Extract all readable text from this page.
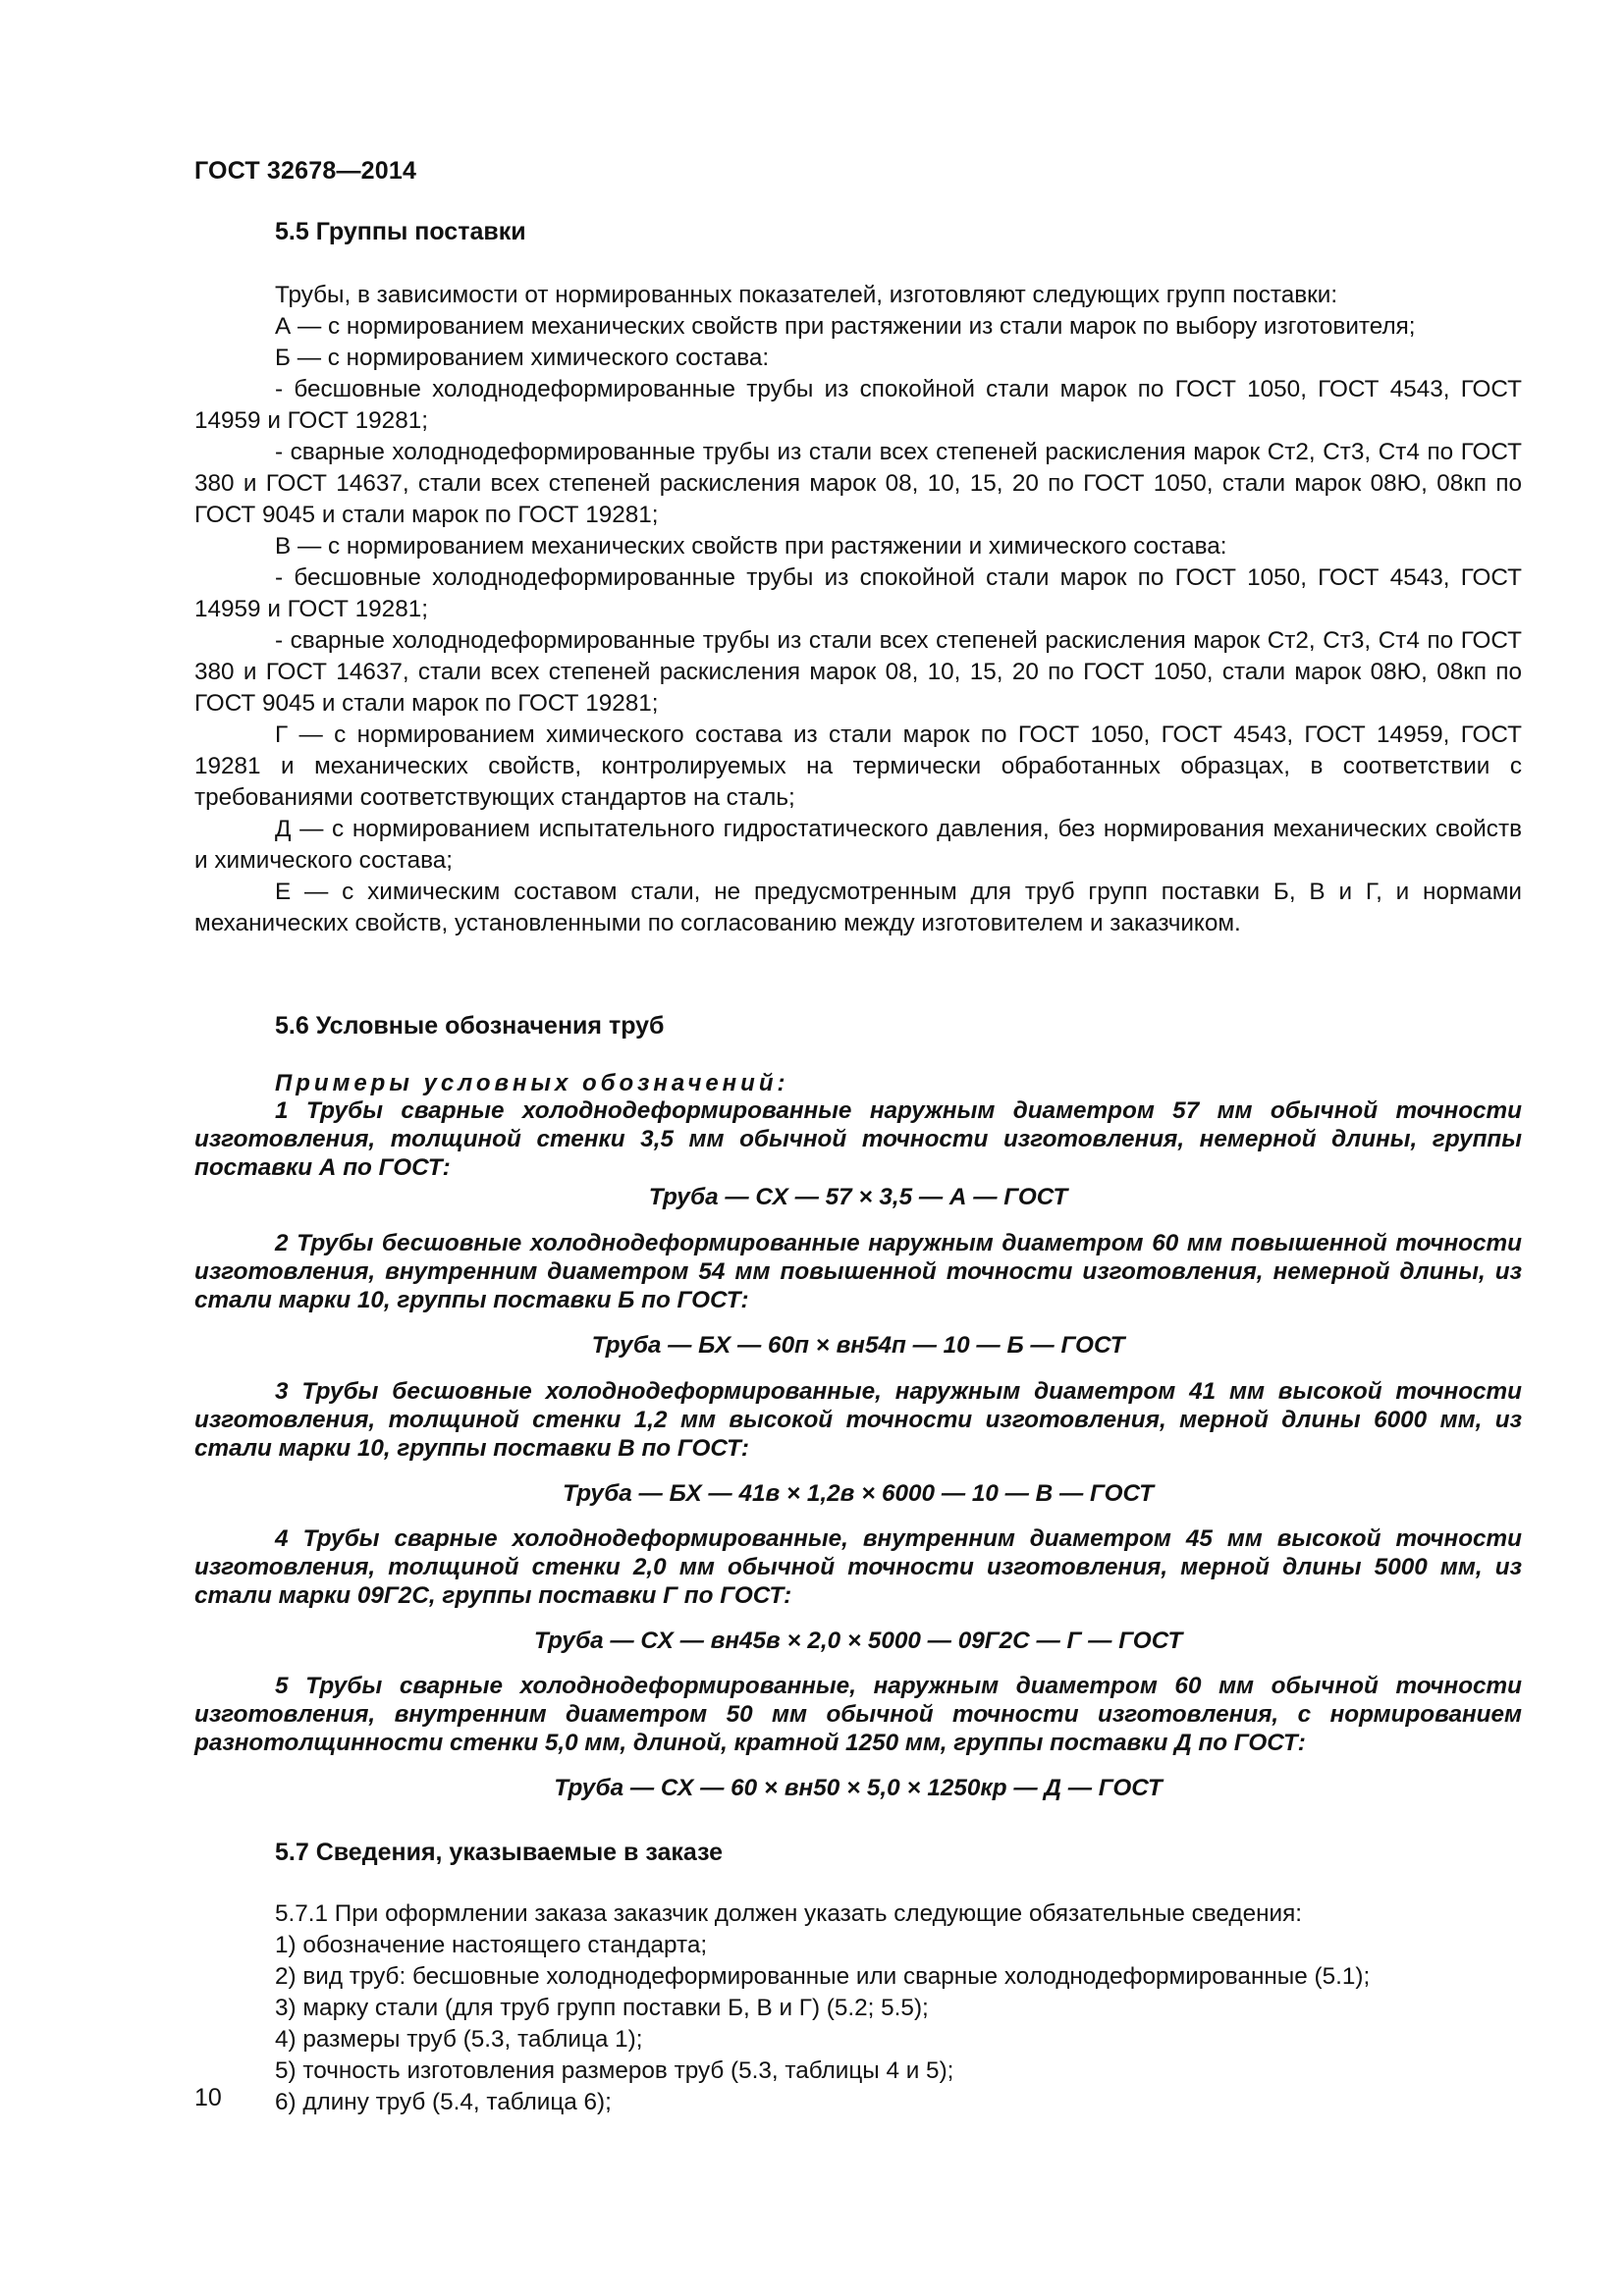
ГОСТ 32678—2014
5.5 Группы поставки

Трубы, в зависимости от нормированных показателей, изготовляют следующих групп поставки:

А — с нормированием механических свойств при растяжении из стали марок по выбору изготовителя;

Б — с нормированием химического состава:

- бесшовные холоднодеформированные трубы из спокойной стали марок по ГОСТ 1050, ГОСТ 4543, ГОСТ 14959 и ГОСТ 19281;

- сварные холоднодеформированные трубы из стали всех степеней раскисления марок Ст2, Ст3, Ст4 по ГОСТ 380 и ГОСТ 14637, стали всех степеней раскисления марок 08, 10, 15, 20 по ГОСТ 1050, стали марок 08Ю, 08кп по ГОСТ 9045 и стали марок по ГОСТ 19281;

В — с нормированием механических свойств при растяжении и химического состава:

- бесшовные холоднодеформированные трубы из спокойной стали марок по ГОСТ 1050, ГОСТ 4543, ГОСТ 14959 и ГОСТ 19281;

- сварные холоднодеформированные трубы из стали всех степеней раскисления марок Ст2, Ст3, Ст4 по ГОСТ 380 и ГОСТ 14637, стали всех степеней раскисления марок 08, 10, 15, 20 по ГОСТ 1050, стали марок 08Ю, 08кп по ГОСТ 9045 и стали марок по ГОСТ 19281;

Г — с нормированием химического состава из стали марок по ГОСТ 1050, ГОСТ 4543, ГОСТ 14959, ГОСТ 19281 и механических свойств, контролируемых на термически обработанных образцах, в соответствии с требованиями соответствующих стандартов на сталь;

Д — с нормированием испытательного гидростатического давления, без нормирования механических свойств и химического состава;

Е — с химическим составом стали, не предусмотренным для труб групп поставки Б, В и Г, и нормами механических свойств, установленными по согласованию между изготовителем и заказчиком.

5.6 Условные обозначения труб
Примеры условных обозначений:

1 Трубы сварные холоднодеформированные наружным диаметром 57 мм обычной точности изготовления, толщиной стенки 3,5 мм обычной точности изготовления, немерной длины, группы поставки А по ГОСТ:

Труба — СХ — 57 × 3,5 — А — ГОСТ

2 Трубы бесшовные холоднодеформированные наружным диаметром 60 мм повышенной точности изготовления, внутренним диаметром 54 мм повышенной точности изготовления, немерной длины, из стали марки 10, группы поставки Б по ГОСТ:

Труба — БХ — 60п × вн54п — 10 — Б — ГОСТ

3 Трубы бесшовные холоднодеформированные, наружным диаметром 41 мм высокой точности изготовления, толщиной стенки 1,2 мм высокой точности изготовления, мерной длины 6000 мм, из стали марки 10, группы поставки В по ГОСТ:

Труба — БХ — 41в × 1,2в × 6000 — 10 — В — ГОСТ

4 Трубы сварные холоднодеформированные, внутренним диаметром 45 мм высокой точности изготовления, толщиной стенки 2,0 мм обычной точности изготовления, мерной длины 5000 мм, из стали марки 09Г2С, группы поставки Г по ГОСТ:

Труба — СХ — вн45в × 2,0 × 5000 — 09Г2С — Г — ГОСТ

5 Трубы сварные холоднодеформированные, наружным диаметром 60 мм обычной точности изготовления, внутренним диаметром 50 мм обычной точности изготовления, с нормированием разнотолщинности стенки 5,0 мм, длиной, кратной 1250 мм, группы поставки Д по ГОСТ:

Труба — СХ — 60 × вн50 × 5,0 × 1250кр — Д — ГОСТ
5.7 Сведения, указываемые в заказе

5.7.1 При оформлении заказа заказчик должен указать следующие обязательные сведения:

1) обозначение настоящего стандарта;

2) вид труб: бесшовные холоднодеформированные или сварные холоднодеформированные (5.1);

3) марку стали (для труб групп поставки Б, В и Г) (5.2; 5.5);

4) размеры труб (5.3, таблица 1);

5) точность изготовления размеров труб (5.3, таблицы 4 и 5);

6) длину труб (5.4, таблица 6);

10
